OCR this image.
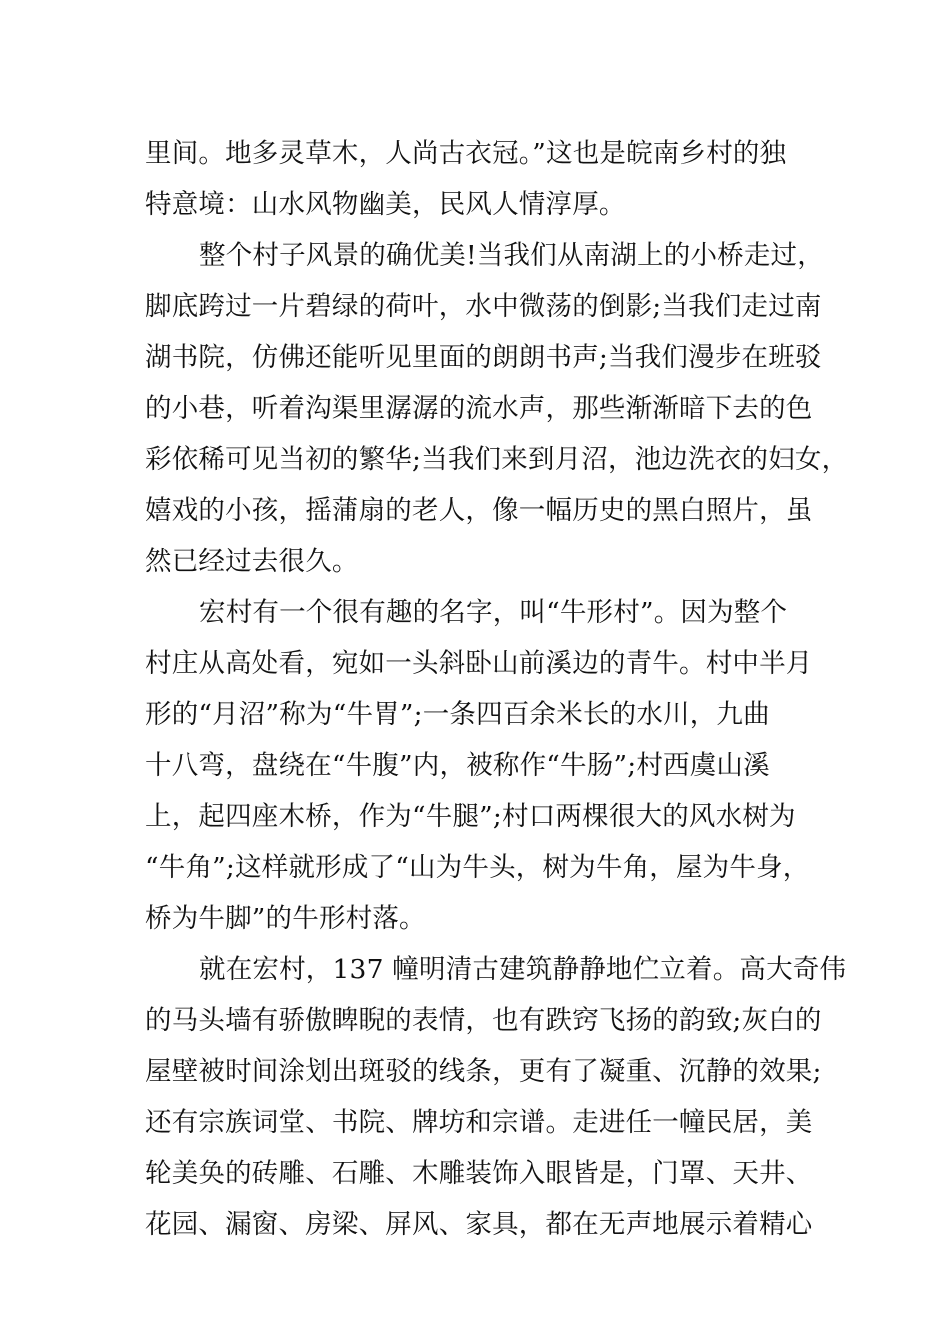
里间。地多灵草木，人尚古衣冠。”这也是皖南乡村的独
特意境：山水风物幽美，民风人情淳厚。
整个村子风景的确优美!当我们从南湖上的小桥走过，
脚底跨过一片碧绿的荷叶，水中微荡的倒影;当我们走过南
湖书院，仿佛还能听见里面的朗朗书声;当我们漫步在班驳
的小巷，听着沟渠里潺潺的流水声，那些渐渐暗下去的色
彩依稀可见当初的繁华;当我们来到月沼，池边洗衣的妇女，
嬉戏的小孩，摇蒲扇的老人，像一幅历史的黑白照片，虽
然已经过去很久。
宏村有一个很有趣的名字，叫“牛形村”。因为整个
村庄从高处看，宛如一头斜卧山前溪边的青牛。村中半月
形的“月沼”称为“牛胃”;一条四百余米长的水川，九曲
十八弯，盘绕在“牛腹”内，被称作“牛肠”;村西虞山溪
上，起四座木桥，作为“牛腿”;村口两棵很大的风水树为
“牛角”;这样就形成了“山为牛头，树为牛角，屋为牛身，
桥为牛脚”的牛形村落。
就在宏村，137 幢明清古建筑静静地伫立着。高大奇伟
的马头墙有骄傲睥睨的表情，也有跌窍飞扬的韵致;灰白的
屋壁被时间涂划出斑驳的线条，更有了凝重、沉静的效果;
还有宗族词堂、书院、牌坊和宗谱。走进任一幢民居，美
轮美奂的砖雕、石雕、木雕装饰入眼皆是，门罩、天井、
花园、漏窗、房梁、屏风、家具，都在无声地展示着精心
